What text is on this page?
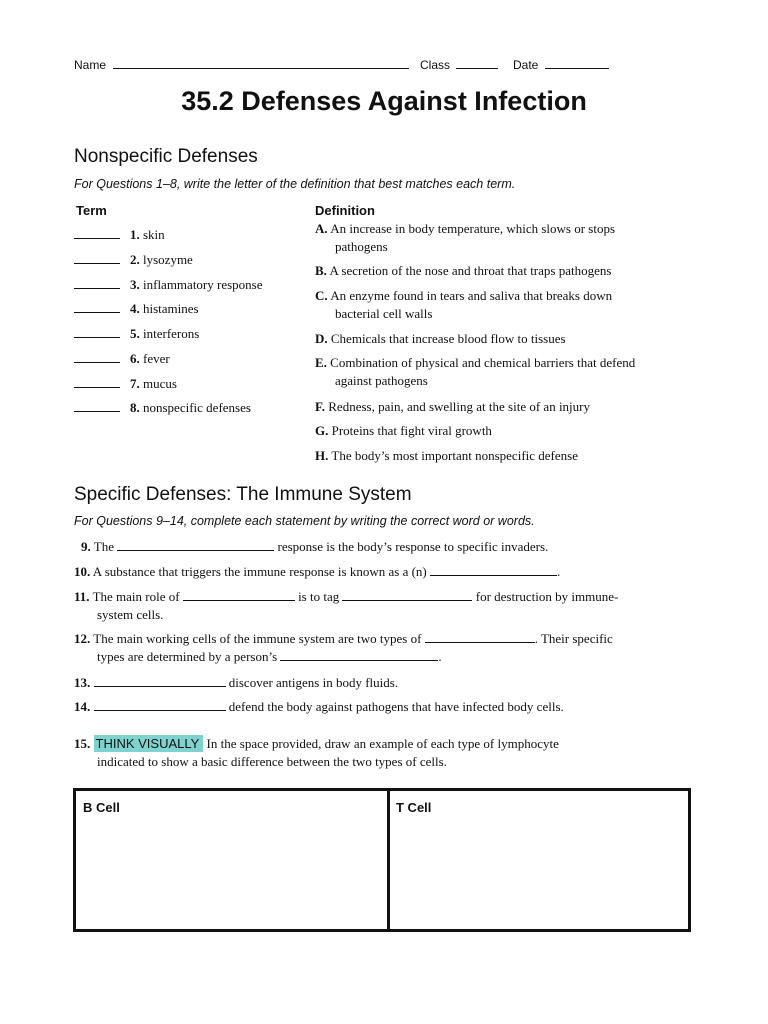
Name	Class	Date
35.2 Defenses Against Infection
Nonspecific Defenses
For Questions 1–8, write the letter of the definition that best matches each term.
Term	Definition
1. skin
2. lysozyme
3. inflammatory response
4. histamines
5. interferons
6. fever
7. mucus
8. nonspecific defenses
A. An increase in body temperature, which slows or stops
pathogens
B. A secretion of the nose and throat that traps pathogens
C. An enzyme found in tears and saliva that breaks down
bacterial cell walls
D. Chemicals that increase blood flow to tissues
E. Combination of physical and chemical barriers that defend
against pathogens
F. Redness, pain, and swelling at the site of an injury
G. Proteins that fight viral growth
H. The body’s most important nonspecific defense
Specific Defenses: The Immune System
For Questions 9–14, complete each statement by writing the correct word or words.
9. The	response is the body’s response to specific invaders.
10. A substance that triggers the immune response is known as a (n)	.
11. The main role of	is to tag	for destruction by immune-
system cells.
12. The main working cells of the immune system are two types of	. Their specific
types are determined by a person’s	.
13.	discover antigens in body fluids.
14.	defend the body against pathogens that have infected body cells.
15. THINK VISUALLY In the space provided, draw an example of each type of lymphocyte
indicated to show a basic difference between the two types of cells.
B Cell	T Cell
